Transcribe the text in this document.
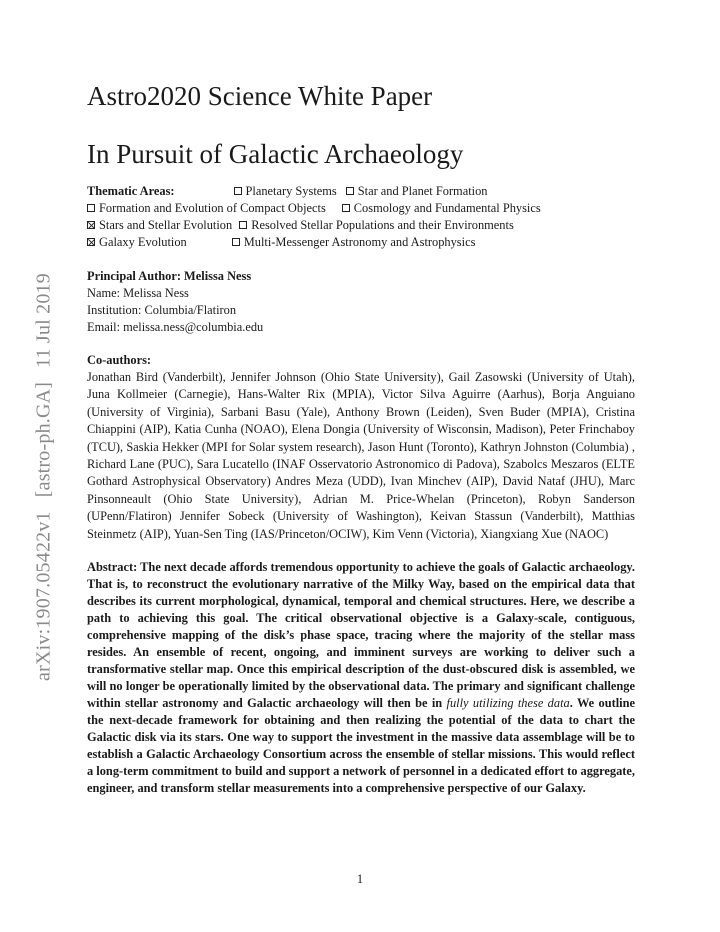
arXiv:1907.05422v1[astro-ph.GA]11 Jul 2019
Astro2020 Science White Paper
In Pursuit of Galactic Archaeology
Thematic Areas:	Planetary Systems Star and Planet Formation
Formation and Evolution of Compact Objects Cosmology and Fundamental Physics
Stars and Stellar Evolution Resolved Stellar Populations and their Environments
Galaxy Evolution	Multi-Messenger Astronomy and Astrophysics
Principal Author: Melissa Ness
Name: Melissa Ness
Institution: Columbia/Flatiron
Email: melissa.ness@columbia.edu
Co-authors:
Jonathan Bird (Vanderbilt), Jennifer Johnson (Ohio State University), Gail Zasowski (University of Utah), Juna Kollmeier (Carnegie), Hans-Walter Rix (MPIA), Victor Silva Aguirre (Aarhus), Borja Anguiano (University of Virginia), Sarbani Basu (Yale), Anthony Brown (Leiden), Sven Buder (MPIA), Cristina Chiappini (AIP), Katia Cunha (NOAO), Elena Dongia (University of Wisconsin, Madison), Peter Frinchaboy (TCU), Saskia Hekker (MPI for Solar system research), Jason Hunt (Toronto), Kathryn Johnston (Columbia) , Richard Lane (PUC), Sara Lucatello (INAF Osservatorio Astronomico di Padova), Szabolcs Meszaros (ELTE Gothard Astrophysical Observatory) Andres Meza (UDD), Ivan Minchev (AIP), David Nataf (JHU), Marc Pinsonneault (Ohio State University), Adrian M. Price-Whelan (Princeton), Robyn Sanderson (UPenn/Flatiron) Jennifer Sobeck (University of Washington), Keivan Stassun (Vanderbilt), Matthias Steinmetz (AIP), Yuan-Sen Ting (IAS/Princeton/OCIW), Kim Venn (Victoria), Xiangxiang Xue (NAOC)
Abstract: The next decade affords tremendous opportunity to achieve the goals of Galactic archaeology. That is, to reconstruct the evolutionary narrative of the Milky Way, based on the empirical data that describes its current morphological, dynamical, temporal and chemical structures. Here, we describe a path to achieving this goal. The critical observational objective is a Galaxy-scale, contiguous, comprehensive mapping of the disk’s phase space, tracing where the majority of the stellar mass resides. An ensemble of recent, ongoing, and imminent surveys are working to deliver such a transformative stellar map. Once this empirical description of the dust-obscured disk is assembled, we will no longer be operationally limited by the observational data. The primary and significant challenge within stellar astronomy and Galactic archaeology will then be in fully utilizing these data. We outline the next-decade framework for obtaining and then realizing the potential of the data to chart the Galactic disk via its stars. One way to support the investment in the massive data assemblage will be to establish a Galactic Archaeology Consortium across the ensemble of stellar missions. This would reflect a long-term commitment to build and support a network of personnel in a dedicated effort to aggregate, engineer, and transform stellar measurements into a comprehensive perspective of our Galaxy.
1
